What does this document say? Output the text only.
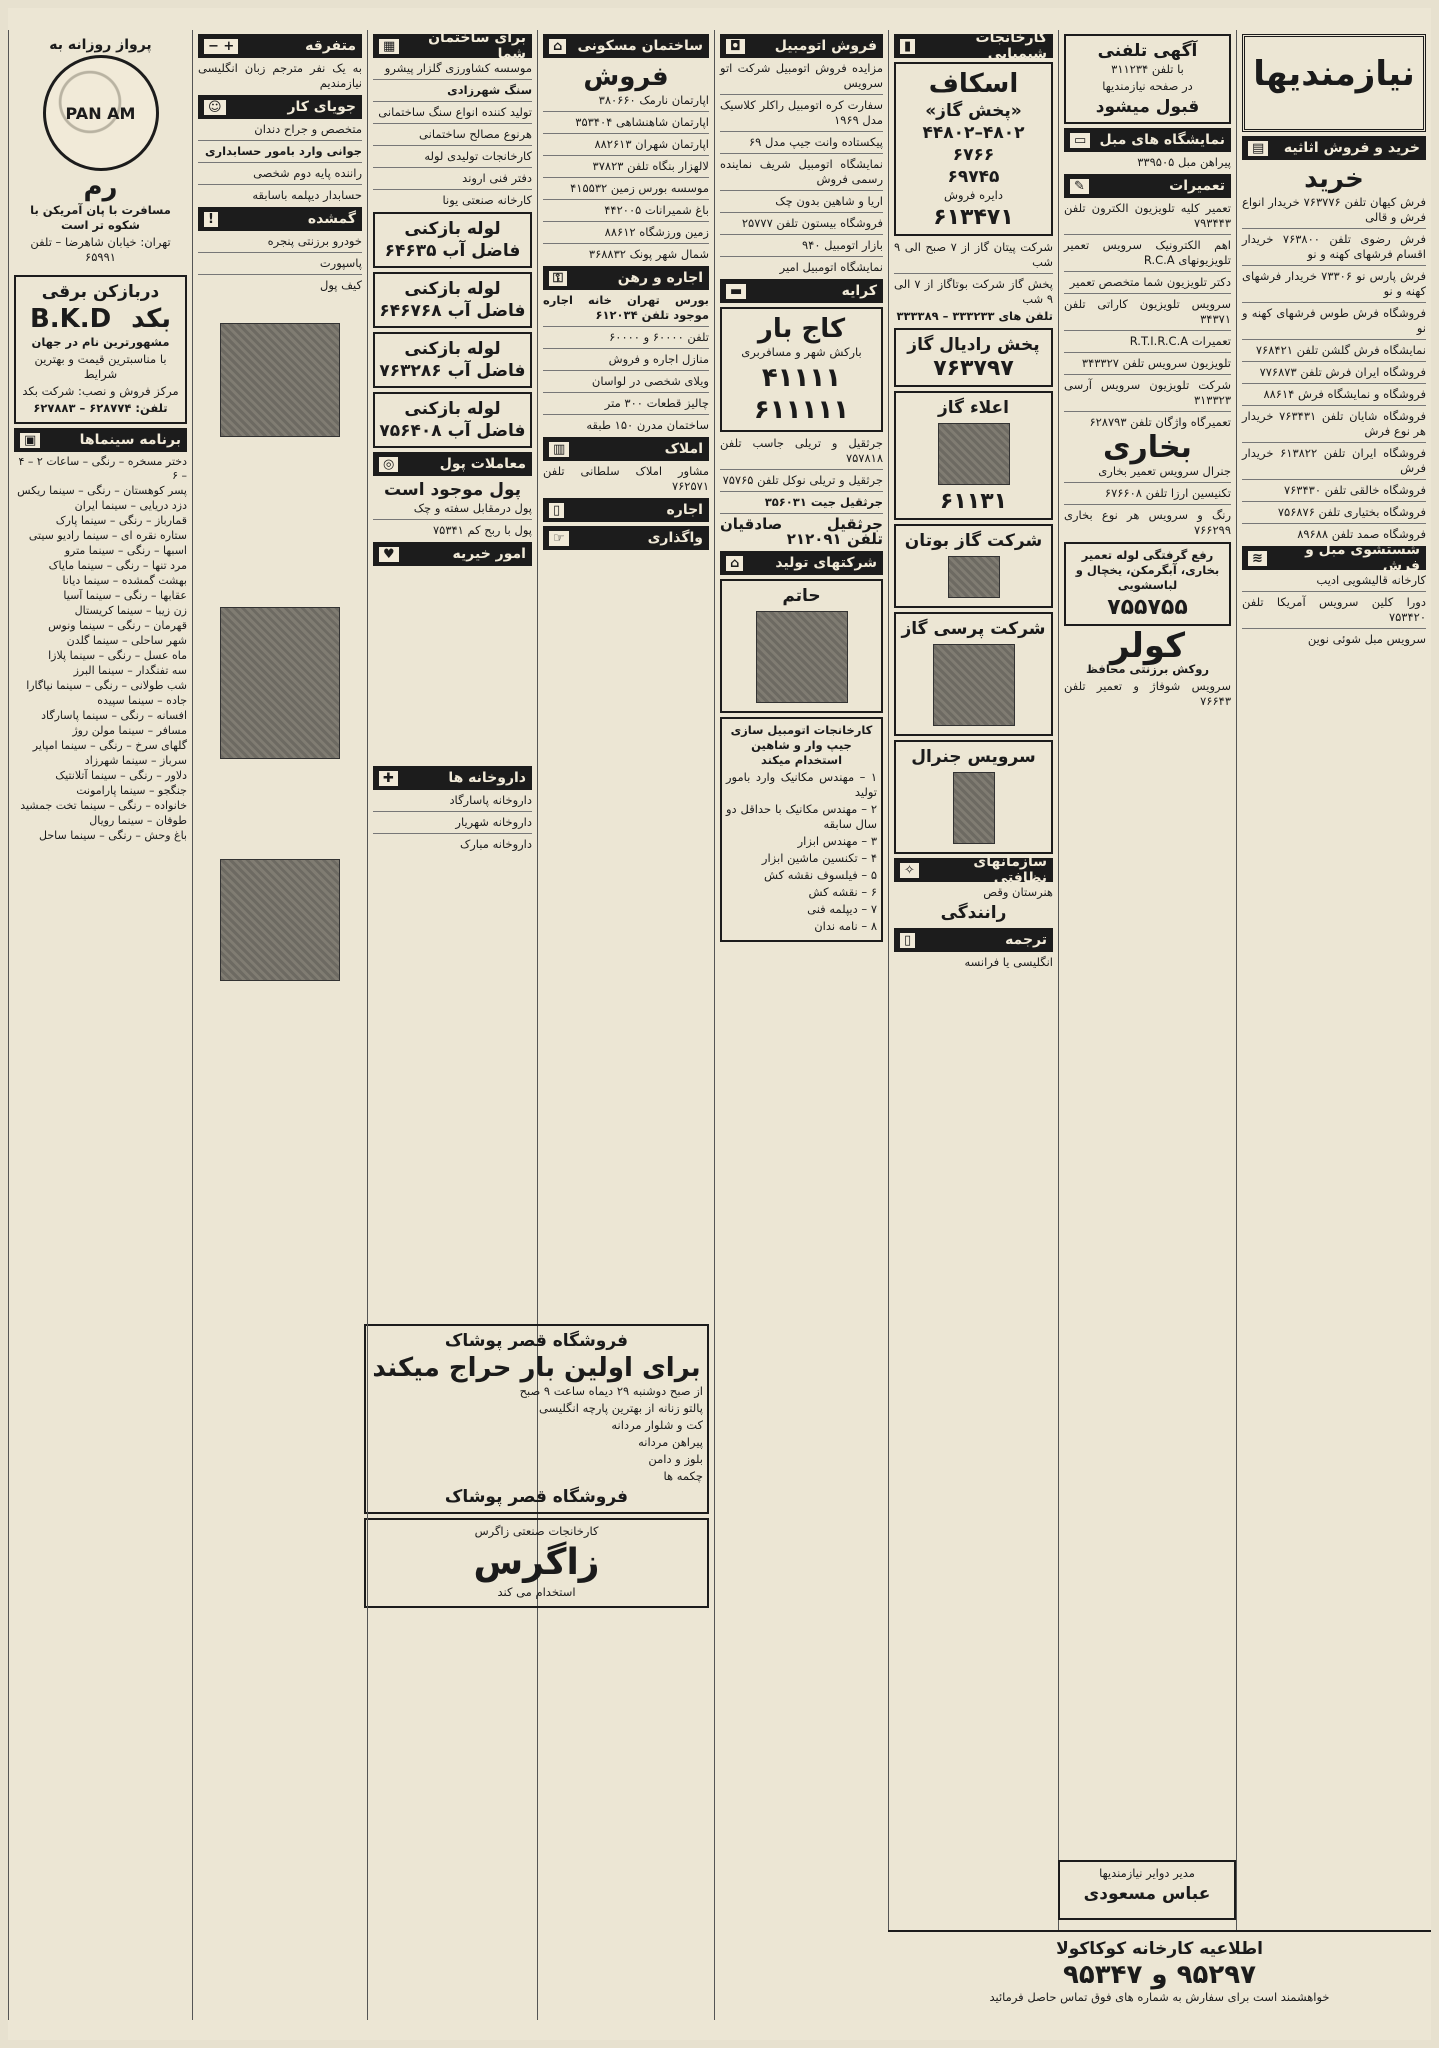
نیازمندیها
خرید و فروش اثاثیه
▤
خرید

فرش کیهان تلفن ۷۶۳۷۷۶ خریدار انواع فرش و قالی

فرش رضوی تلفن ۷۶۳۸۰۰ خریدار اقسام فرشهای کهنه و نو

فرش پارس نو ۷۳۳۰۶ خریدار فرشهای کهنه و نو

فروشگاه فرش طوس فرشهای کهنه و نو

نمایشگاه فرش گلشن تلفن ۷۶۸۴۲۱

فروشگاه ایران فرش تلفن ۷۷۶۸۷۳

فروشگاه و نمایشگاه فرش ۸۸۶۱۴

فروشگاه شایان تلفن ۷۶۳۴۳۱ خریدار هر نوع فرش

فروشگاه ایران تلفن ۶۱۳۸۲۲ خریدار فرش

فروشگاه خالقی تلفن ۷۶۳۴۳۰

فروشگاه بختیاری تلفن ۷۵۶۸۷۶

فروشگاه صمد تلفن ۸۹۶۸۸

شستشوی مبل و فرش
≋

کارخانه قالیشویی ادیب

دورا کلین سرویس آمریکا تلفن ۷۵۳۴۲۰

سرویس مبل شوئی نوین

آگهی تلفنی
با تلفن ۳۱۱۲۳۴
در صفحه نیازمندیها
قبول میشود
نمایشگاه های مبل
▭

پیراهن مبل ۳۳۹۵۰۵

تعمیرات
✎

تعمیر کلیه تلویزیون الکترون تلفن ۷۹۳۴۴۳

اهم الکترونیک سرویس تعمیر تلویزیونهای R.C.A

دکتر تلویزیون شما متخصص تعمیر

سرویس تلویزیون کاراتی تلفن ۳۴۳۷۱

تعمیرات R.T.I.R.C.A

تلویزیون سرویس تلفن ۳۴۳۳۲۷

شرکت تلویزیون سرویس آرسی ۳۱۳۳۲۳

تعمیرگاه واژگان تلفن ۶۲۸۷۹۳

بخاری

جنرال سرویس تعمیر بخاری

تکنیسین ارزا تلفن ۶۷۶۶۰۸

رنگ و سرویس هر نوع بخاری ۷۶۶۲۹۹

رفع گرفتگی لوله تعمیر بخاری، آبگرمکن، یخچال و لباسشویی
۷۵۵۷۵۵
کولر

روکش برزنتی محافظ

سرویس شوفاژ و تعمیر تلفن ۷۶۶۴۳

کارخانجات شیمیایی
▮
اسکاف
«پخش گاز»
۴۸۰۲–۴۴۸۰۲ ۶۷۶۶
۶۹۷۴۵
دایره فروش
۶۱۳۴۷۱

شرکت پیتان گاز از ۷ صبح الی ۹ شب

پخش گاز شرکت بوتاگاز از ۷ الی ۹ شب

تلفن های ۳۳۳۲۳۳ – ۳۳۳۳۸۹

پخش رادیال گاز
۷۶۳۷۹۷
اعلاء گاز
۶۱۱۳۱
شرکت گاز بوتان
شرکت پرسی گاز
سرویس جنرال
سازمانهای نظافتی
✧

هنرستان وقص

رانندگی
ترجمه
▯

انگلیسی یا فرانسه

فروش اتومبیل
◘

مزایده فروش اتومبیل شرکت اتو سرویس

سفارت کره اتومبیل راکلر کلاسیک مدل ۱۹۶۹

پیکستاده وانت جیپ مدل ۶۹

نمایشگاه اتومبیل شریف نماینده رسمی فروش

اریا و شاهین بدون چک

فروشگاه بیستون تلفن ۲۵۷۷۷

بازار اتومبیل ۹۴۰

نمایشگاه اتومبیل امیر

کرایه
▬
کاج بار
بارکش شهر و مسافربری
۴۱۱۱۱
۶۱۱۱۱۱

جرثقیل و تریلی جاسب تلفن ۷۵۷۸۱۸

جرثقیل و تریلی نوکل تلفن ۷۵۷۶۵

جرثقیل جیت ۳۵۶۰۳۱

جرثقیل صادقیان تلفن ۲۱۲۰۹۱

شرکتهای تولید
⌂
حاتم
کارخانجات اتومبیل سازی جیپ وار و شاهین استخدام میکند

۱ – مهندس مکانیک وارد بامور تولید

۲ – مهندس مکانیک با حداقل دو سال سابقه

۳ – مهندس ابزار

۴ – تکنسین ماشین ابزار

۵ – فیلسوف نقشه کش

۶ – نقشه کش

۷ – دیپلمه فنی

۸ – نامه ندان

ساختمان مسکونی
⌂
فروش

اپارتمان نارمک ۳۸۰۶۶۰

اپارتمان شاهنشاهی ۳۵۳۴۰۴

اپارتمان شهران ۸۸۲۶۱۳

لالهزار بنگاه تلفن ۳۷۸۲۳

موسسه بورس زمین ۴۱۵۵۳۲

باغ شمیرانات ۴۴۲۰۰۵

زمین ورزشگاه ۸۸۶۱۲

شمال شهر پونک ۳۶۸۸۳۲

اجاره و رهن
⚿

بورس تهران خانه اجاره موجود تلفن ۶۱۲۰۳۴

تلفن ۶۰۰۰۰ و ۶۰۰۰۰

منازل اجاره و فروش

ویلای شخصی در لواسان

چالیز قطعات ۳۰۰ متر

ساختمان مدرن ۱۵۰ طبقه

املاک
▥

مشاور املاک سلطانی تلفن ۷۶۲۵۷۱

اجاره
▯
واگذاری
☞
فروشگاه قصر پوشاک
برای اولین بار حراج میکند

از صبح دوشنبه ۲۹ دیماه ساعت ۹ صبح

پالتو زنانه از بهترین پارچه انگلیسی

کت و شلوار مردانه

پیراهن مردانه

بلوز و دامن

چکمه ها

فروشگاه قصر پوشاک
کارخانجات صنعتی زاگرس
زاگرس
استخدام می کند
برای ساختمان شما
▦

موسسه کشاورزی گلزار پیشرو

سنگ شهرزادی

تولید کننده انواع سنگ ساختمانی

هرنوع مصالح ساختمانی

کارخانجات تولیدی لوله

دفتر فنی اروند

کارخانه صنعتی یونا

لوله بازکنی فاضل آب ۶۴۶۳۵
لوله بازکنی فاضل آب ۶۴۶۷۶۸
لوله بازکنی فاضل آب ۷۶۳۲۸۶
لوله بازکنی فاضل آب ۷۵۶۴۰۸
معاملات پول
◎
پول موجود است

پول درمقابل سفته و چک

پول با ربح کم ۷۵۳۴۱

امور خیریه
♥
داروخانه ها
✚

داروخانه پاسارگاد

داروخانه شهریار

داروخانه مبارک

متفرقه
+ −

به یک نفر مترجم زبان انگلیسی نیازمندیم

جویای کار
☺

متخصص و جراح دندان

جوانی وارد بامور حسابداری

راننده پایه دوم شخصی

حسابدار دیپلمه باسابقه

گمشده
!

خودرو برزنتی پنجره

پاسپورت

کیف پول

پرواز روزانه به
PAN AM
رم
مسافرت با پان آمریکن با شکوه تر است
تهران: خیابان شاهرضا – تلفن ۶۵۹۹۱
دربازکن برقی
بکد
B.K.D
مشهورترین نام در جهان
با مناسبترین قیمت و بهترین شرایط
مرکز فروش و نصب: شرکت بکد
تلفن: ۶۲۸۷۷۴ – ۶۲۷۸۸۳
برنامه سینماها
▣

دختر مسخره – رنگی – ساعات ۲ – ۴ – ۶

پسر کوهستان – رنگی – سینما ریکس

دزد دریایی – سینما ایران

قمارباز – رنگی – سینما پارک

ستاره نقره ای – سینما رادیو سیتی

اسبها – رنگی – سینما مترو

مرد تنها – رنگی – سینما مایاک

بهشت گمشده – سینما دیانا

عقابها – رنگی – سینما آسیا

زن زیبا – سینما کریستال

قهرمان – رنگی – سینما ونوس

شهر ساحلی – سینما گلدن

ماه عسل – رنگی – سینما پلازا

سه تفنگدار – سینما البرز

شب طولانی – رنگی – سینما نیاگارا

جاده – سینما سپیده

افسانه – رنگی – سینما پاسارگاد

مسافر – سینما مولن روژ

گلهای سرخ – رنگی – سینما امپایر

سرباز – سینما شهرزاد

دلاور – رنگی – سینما آتلانتیک

جنگجو – سینما پارامونت

خانواده – رنگی – سینما تخت جمشید

طوفان – سینما رویال

باغ وحش – رنگی – سینما ساحل

اطلاعیه کارخانه کوکاکولا
۹۵۲۹۷ و ۹۵۳۴۷
خواهشمند است برای سفارش به شماره های فوق تماس حاصل فرمائید
مدیر دوایر نیازمندیها
عباس مسعودی
